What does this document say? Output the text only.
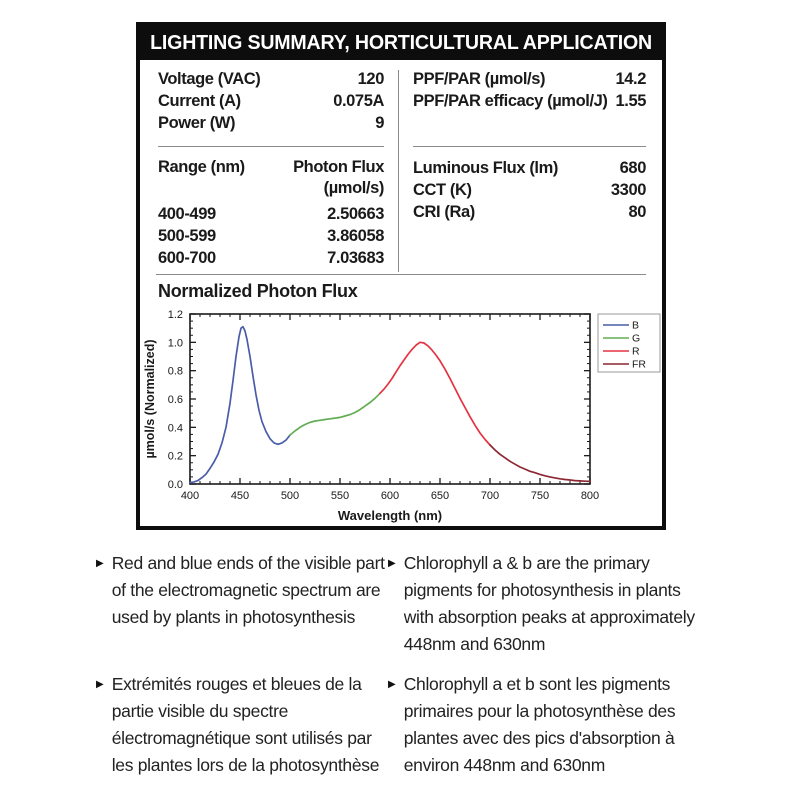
LIGHTING SUMMARY, HORTICULTURAL APPLICATION
Voltage (VAC)	120
Current (A)	0.075A
Power (W)	9
Range (nm)	Photon Flux
(µmol/s)
400-499	2.50663
500-599	3.86058
600-700	7.03683
PPF/PAR (µmol/s)	14.2
PPF/PAR efficacy (µmol/J) 1.55
Luminous Flux (lm)	680
CCT (K)	3300
CRI (Ra)	80
Normalized Photon Flux
400	450	500	550	600	650	700	750	800
0.0
0.2
0.4
0.6
0.8
1.0
1.2
B
G
R
FR
Wavelength (nm)
µmol/s (Normalized)
▶ Red and blue ends of the visible part of the electromagnetic spectrum are used by plants in photosynthesis
▶ Chlorophyll a & b are the primary pigments for photosynthesis in plants with absorption peaks at approximately 448nm and 630nm
▶ Extrémités rouges et bleues de la partie visible du spectre électromagnétique sont utilisés par les plantes lors de la photosynthèse
▶ Chlorophyll a et b sont les pigments primaires pour la photosynthèse des plantes avec des pics d'absorption à environ 448nm and 630nm
